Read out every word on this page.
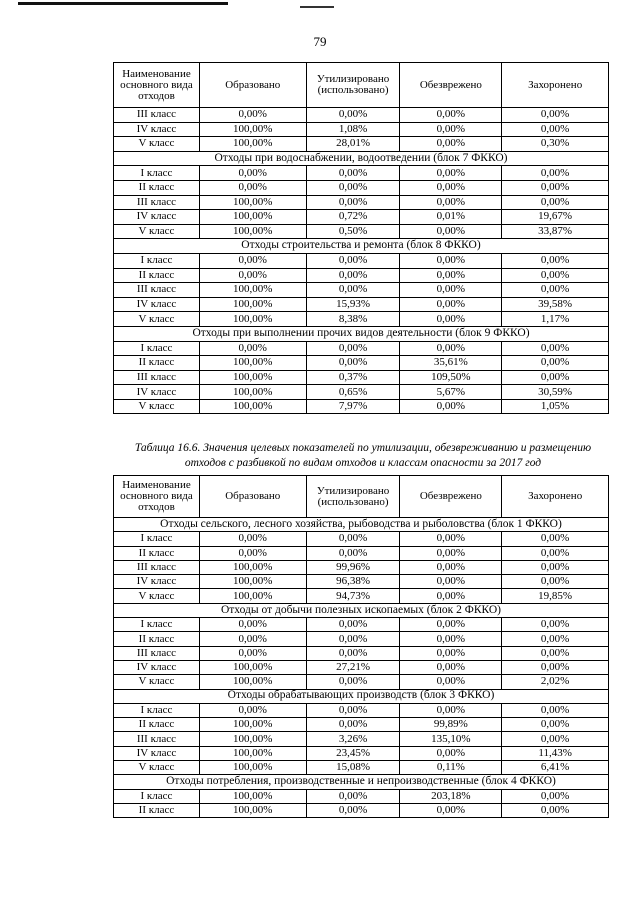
79
Наименование основного вида отходов	Образовано	Утилизировано (использовано)	Обезврежено	Захоронено
III класс	0,00%	0,00%	0,00%	0,00%
IV класс	100,00%	1,08%	0,00%	0,00%
V класс	100,00%	28,01%	0,00%	0,30%
Отходы при водоснабжении, водоотведении (блок 7 ФККО)				
I класс	0,00%	0,00%	0,00%	0,00%
II класс	0,00%	0,00%	0,00%	0,00%
III класс	100,00%	0,00%	0,00%	0,00%
IV класс	100,00%	0,72%	0,01%	19,67%
V класс	100,00%	0,50%	0,00%	33,87%
Отходы строительства и ремонта (блок 8 ФККО)				
I класс	0,00%	0,00%	0,00%	0,00%
II класс	0,00%	0,00%	0,00%	0,00%
III класс	100,00%	0,00%	0,00%	0,00%
IV класс	100,00%	15,93%	0,00%	39,58%
V класс	100,00%	8,38%	0,00%	1,17%
Отходы при выполнении прочих видов деятельности (блок 9 ФККО)				
I класс	0,00%	0,00%	0,00%	0,00%
II класс	100,00%	0,00%	35,61%	0,00%
III класс	100,00%	0,37%	109,50%	0,00%
IV класс	100,00%	0,65%	5,67%	30,59%
V класс	100,00%	7,97%	0,00%	1,05%
Таблица 16.6. Значения целевых показателей по утилизации, обезвреживанию и размещению отходов с разбивкой по видам отходов и классам опасности за 2017 год
Наименование основного вида отходов	Образовано	Утилизировано (использовано)	Обезврежено	Захоронено
Отходы сельского, лесного хозяйства, рыбоводства и рыболовства (блок 1 ФККО)				
I класс	0,00%	0,00%	0,00%	0,00%
II класс	0,00%	0,00%	0,00%	0,00%
III класс	100,00%	99,96%	0,00%	0,00%
IV класс	100,00%	96,38%	0,00%	0,00%
V класс	100,00%	94,73%	0,00%	19,85%
Отходы от добычи полезных ископаемых (блок 2 ФККО)				
I класс	0,00%	0,00%	0,00%	0,00%
II класс	0,00%	0,00%	0,00%	0,00%
III класс	0,00%	0,00%	0,00%	0,00%
IV класс	100,00%	27,21%	0,00%	0,00%
V класс	100,00%	0,00%	0,00%	2,02%
Отходы обрабатывающих производств (блок 3 ФККО)				
I класс	0,00%	0,00%	0,00%	0,00%
II класс	100,00%	0,00%	99,89%	0,00%
III класс	100,00%	3,26%	135,10%	0,00%
IV класс	100,00%	23,45%	0,00%	11,43%
V класс	100,00%	15,08%	0,11%	6,41%
Отходы потребления, производственные и непроизводственные (блок 4 ФККО)				
I класс	100,00%	0,00%	203,18%	0,00%
II класс	100,00%	0,00%	0,00%	0,00%
